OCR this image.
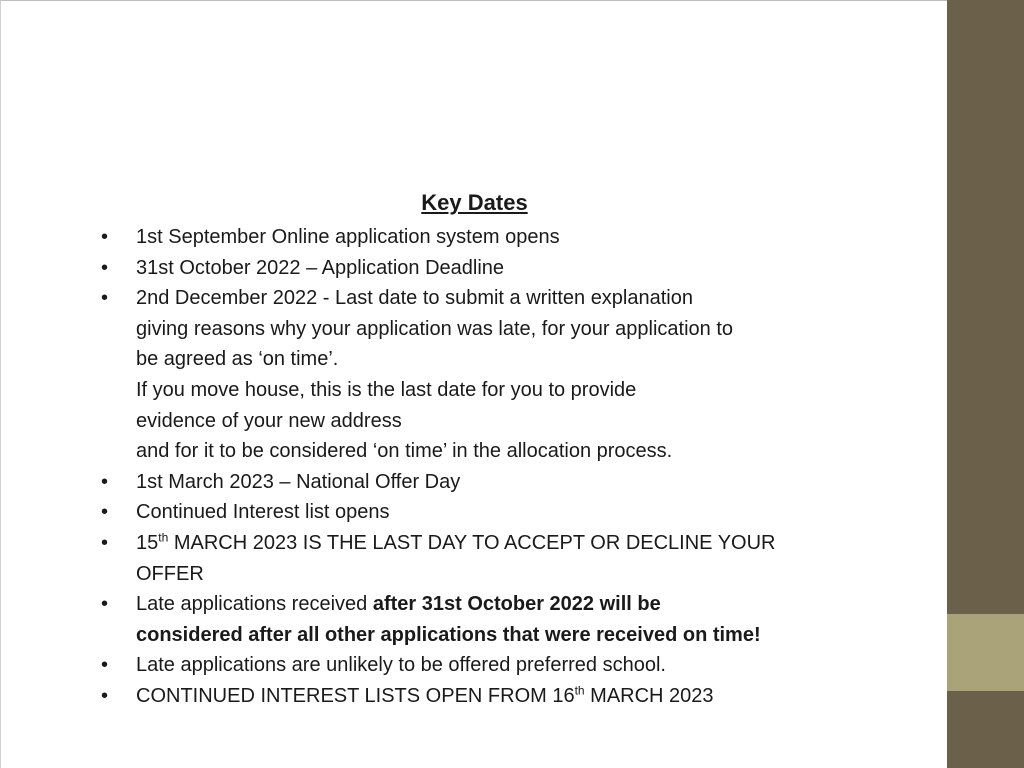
Key Dates
• 1st September Online application system opens
• 31st October 2022 – Application Deadline
• 2nd December 2022 - Last date to submit a written explanation
giving reasons why your application was late, for your application to
be agreed as ‘on time’.
If you move house, this is the last date for you to provide
evidence of your new address
and for it to be considered ‘on time’ in the allocation process.
• 1st March 2023 – National Offer Day
• Continued Interest list opens
• 15th MARCH 2023 IS THE LAST DAY TO ACCEPT OR DECLINE YOUR
OFFER
• Late applications received after 31st October 2022 will be
considered after all other applications that were received on time!
• Late applications are unlikely to be offered preferred school.
• CONTINUED INTEREST LISTS OPEN FROM 16th MARCH 2023
